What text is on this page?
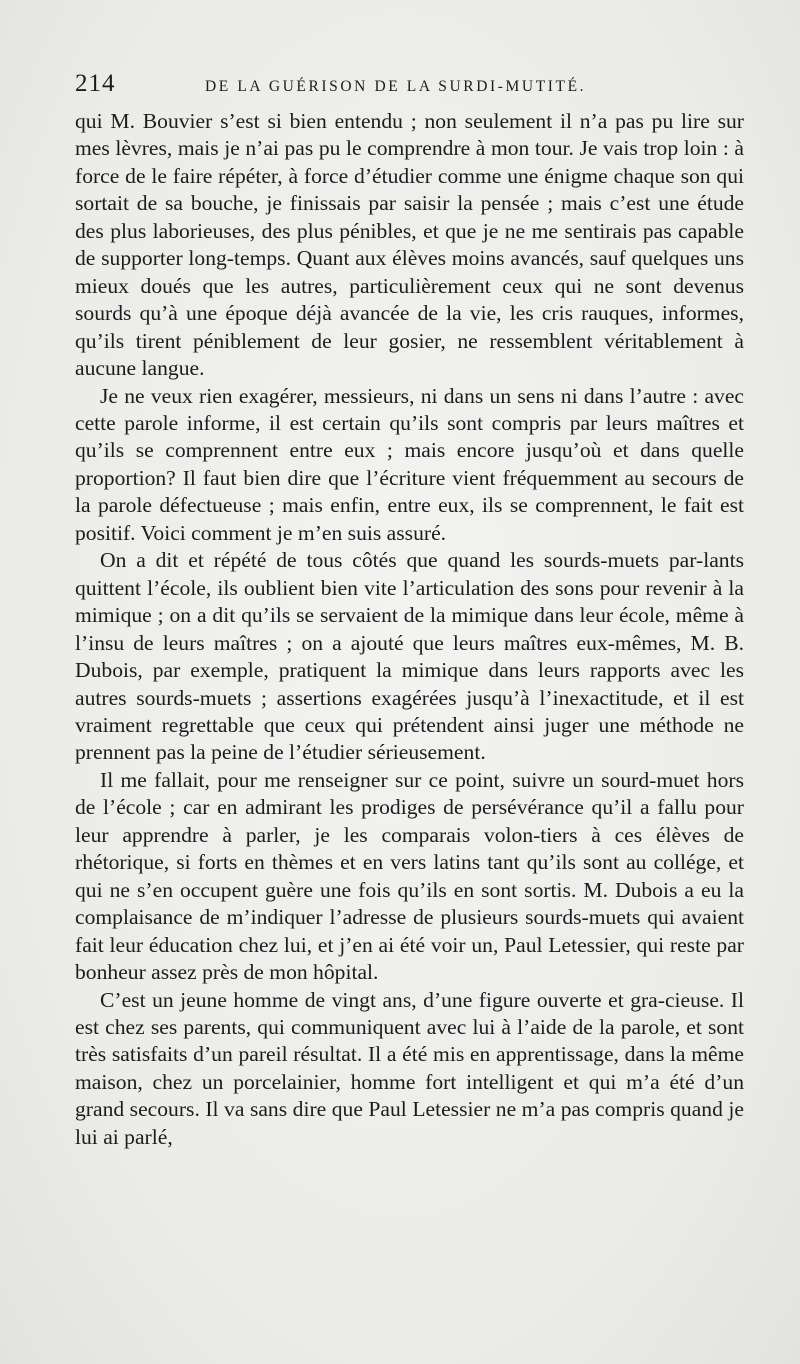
214	DE LA GUÉRISON DE LA SURDI-MUTITÉ.

qui M. Bouvier s’est si bien entendu ; non seulement il n’a pas pu lire sur mes lèvres, mais je n’ai pas pu le comprendre à mon tour. Je vais trop loin : à force de le faire répéter, à force d’étudier comme une énigme chaque son qui sortait de sa bouche, je finissais par saisir la pensée ; mais c’est une étude des plus laborieuses, des plus pénibles, et que je ne me sentirais pas capable de supporter long-temps. Quant aux élèves moins avancés, sauf quelques uns mieux doués que les autres, particulièrement ceux qui ne sont devenus sourds qu’à une époque déjà avancée de la vie, les cris rauques, informes, qu’ils tirent péniblement de leur gosier, ne ressemblent véritablement à aucune langue.

Je ne veux rien exagérer, messieurs, ni dans un sens ni dans l’autre : avec cette parole informe, il est certain qu’ils sont compris par leurs maîtres et qu’ils se comprennent entre eux ; mais encore jusqu’où et dans quelle proportion? Il faut bien dire que l’écriture vient fréquemment au secours de la parole défectueuse ; mais enfin, entre eux, ils se comprennent, le fait est positif. Voici comment je m’en suis assuré.

On a dit et répété de tous côtés que quand les sourds-muets par-lants quittent l’école, ils oublient bien vite l’articulation des sons pour revenir à la mimique ; on a dit qu’ils se servaient de la mimique dans leur école, même à l’insu de leurs maîtres ; on a ajouté que leurs maîtres eux-mêmes, M. B. Dubois, par exemple, pratiquent la mimique dans leurs rapports avec les autres sourds-muets ; assertions exagérées jusqu’à l’inexactitude, et il est vraiment regrettable que ceux qui prétendent ainsi juger une méthode ne prennent pas la peine de l’étudier sérieusement.

Il me fallait, pour me renseigner sur ce point, suivre un sourd-muet hors de l’école ; car en admirant les prodiges de persévérance qu’il a fallu pour leur apprendre à parler, je les comparais volon-tiers à ces élèves de rhétorique, si forts en thèmes et en vers latins tant qu’ils sont au collége, et qui ne s’en occupent guère une fois qu’ils en sont sortis. M. Dubois a eu la complaisance de m’indiquer l’adresse de plusieurs sourds-muets qui avaient fait leur éducation chez lui, et j’en ai été voir un, Paul Letessier, qui reste par bonheur assez près de mon hôpital.

C’est un jeune homme de vingt ans, d’une figure ouverte et gra-cieuse. Il est chez ses parents, qui communiquent avec lui à l’aide de la parole, et sont très satisfaits d’un pareil résultat. Il a été mis en apprentissage, dans la même maison, chez un porcelainier, homme fort intelligent et qui m’a été d’un grand secours. Il va sans dire que Paul Letessier ne m’a pas compris quand je lui ai parlé,
